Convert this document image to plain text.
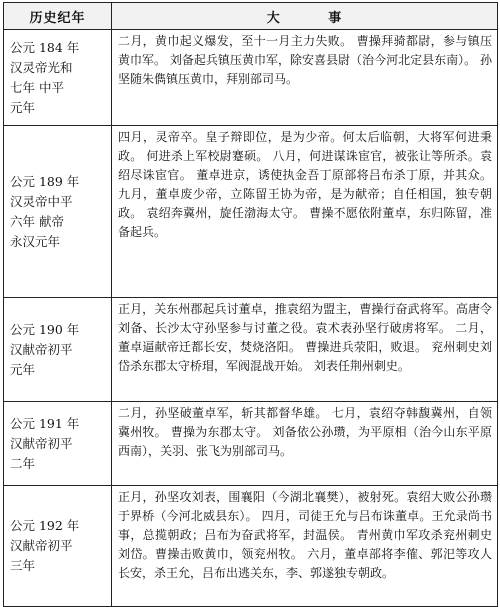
历史纪年	大 事

公元 184 年
汉灵帝光和
七年 中平
元年	二月，黄巾起义爆发，至十一月主力失败。 曹操拜骑都尉，参与镇压黄巾军。 刘备起兵镇压黄巾军，除安喜县尉（治今河北定县东南）。 孙坚随朱儁镇压黄巾，拜别部司马。

公元 189 年
汉灵帝中平
六年 献帝
永汉元年	四月，灵帝卒。皇子辩即位，是为少帝。何太后临朝，大将军何进秉政。 何进杀上军校尉蹇硕。 八月，何进谋诛宦官，被张让等所杀。袁绍尽诛宦官。 董卓进京，诱使执金吾丁原部将吕布杀丁原，并其众。 九月，董卓废少帝，立陈留王协为帝，是为献帝；自任相国，独专朝政。 袁绍奔冀州，旋任渤海太守。 曹操不愿依附董卓，东归陈留，准备起兵。

公元 190 年
汉献帝初平
元年	正月，关东州郡起兵讨董卓，推袁绍为盟主，曹操行奋武将军。高唐令刘备、长沙太守孙坚参与讨董之役。袁术表孙坚行破虏将军。 二月，董卓逼献帝迁都长安，焚烧洛阳。 曹操进兵荥阳，败退。 兖州刺史刘岱杀东郡太守桥瑁，军阀混战开始。 刘表任荆州刺史。

公元 191 年
汉献帝初平
二年	二月，孙坚破董卓军，斩其都督华雄。 七月，袁绍夺韩馥冀州，自领冀州牧。 曹操为东郡太守。 刘备依公孙瓒，为平原相（治今山东平原西南），关羽、张飞为别部司马。

公元 192 年
汉献帝初平
三年	正月，孙坚攻刘表，围襄阳（今湖北襄樊），被射死。袁绍大败公孙瓒于界桥（今河北威县东）。 四月，司徒王允与吕布诛董卓。王允录尚书事，总揽朝政；吕布为奋武将军，封温侯。 青州黄巾军攻杀兖州刺史刘岱。曹操击败黄巾，领兖州牧。 六月，董卓部将李傕、郭汜等攻人长安，杀王允，吕布出逃关东，李、郭遂独专朝政。
